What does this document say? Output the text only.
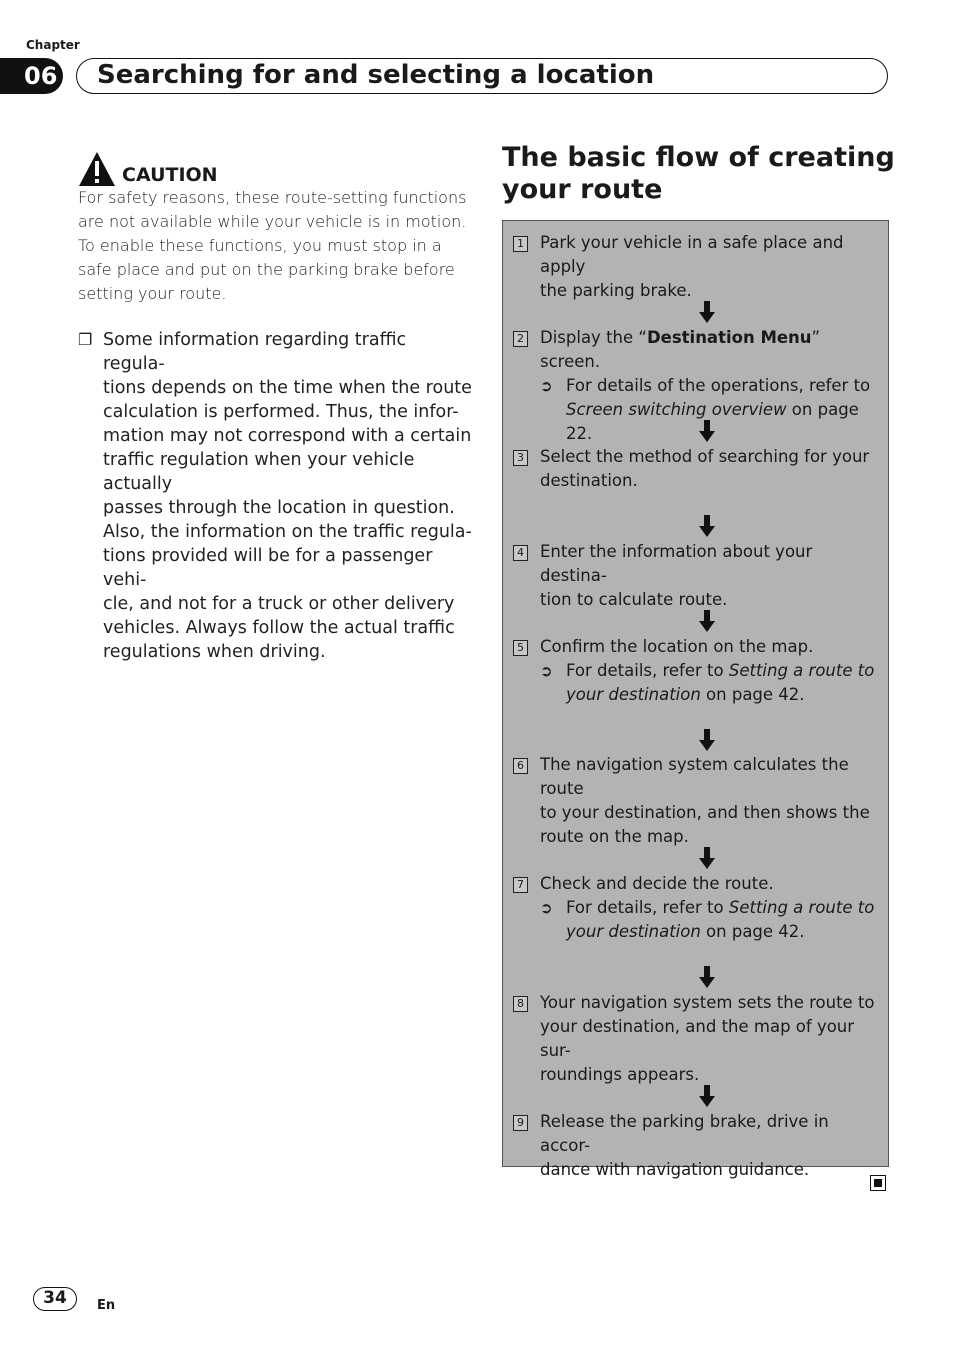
Chapter
06	Searching for and selecting a location
CAUTION

For safety reasons, these route-setting functions

are not available while your vehicle is in motion.

To enable these functions, you must stop in a

safe place and put on the parking brake before

setting your route.

❐ Some information regarding traffic regula-
tions depends on the time when the route
calculation is performed. Thus, the infor-
mation may not correspond with a certain
traffic regulation when your vehicle actually
passes through the location in question.
Also, the information on the traffic regula-
tions provided will be for a passenger vehi-
cle, and not for a truck or other delivery
vehicles. Always follow the actual traffic
regulations when driving.
The basic flow of creating
your route
1 Park your vehicle in a safe place and apply
the parking brake.
2 Display the “Destination Menu” screen.
➲ For details of the operations, refer to
Screen switching overview on page 22.
3 Select the method of searching for your
destination.
4 Enter the information about your destina-
tion to calculate route.
5 Confirm the location on the map.
➲ For details, refer to Setting a route to
your destination on page 42.
6 The navigation system calculates the route
to your destination, and then shows the
route on the map.
7 Check and decide the route.
➲ For details, refer to Setting a route to
your destination on page 42.
8 Your navigation system sets the route to
your destination, and the map of your sur-
roundings appears.
9 Release the parking brake, drive in accor-
dance with navigation guidance.
34	En
